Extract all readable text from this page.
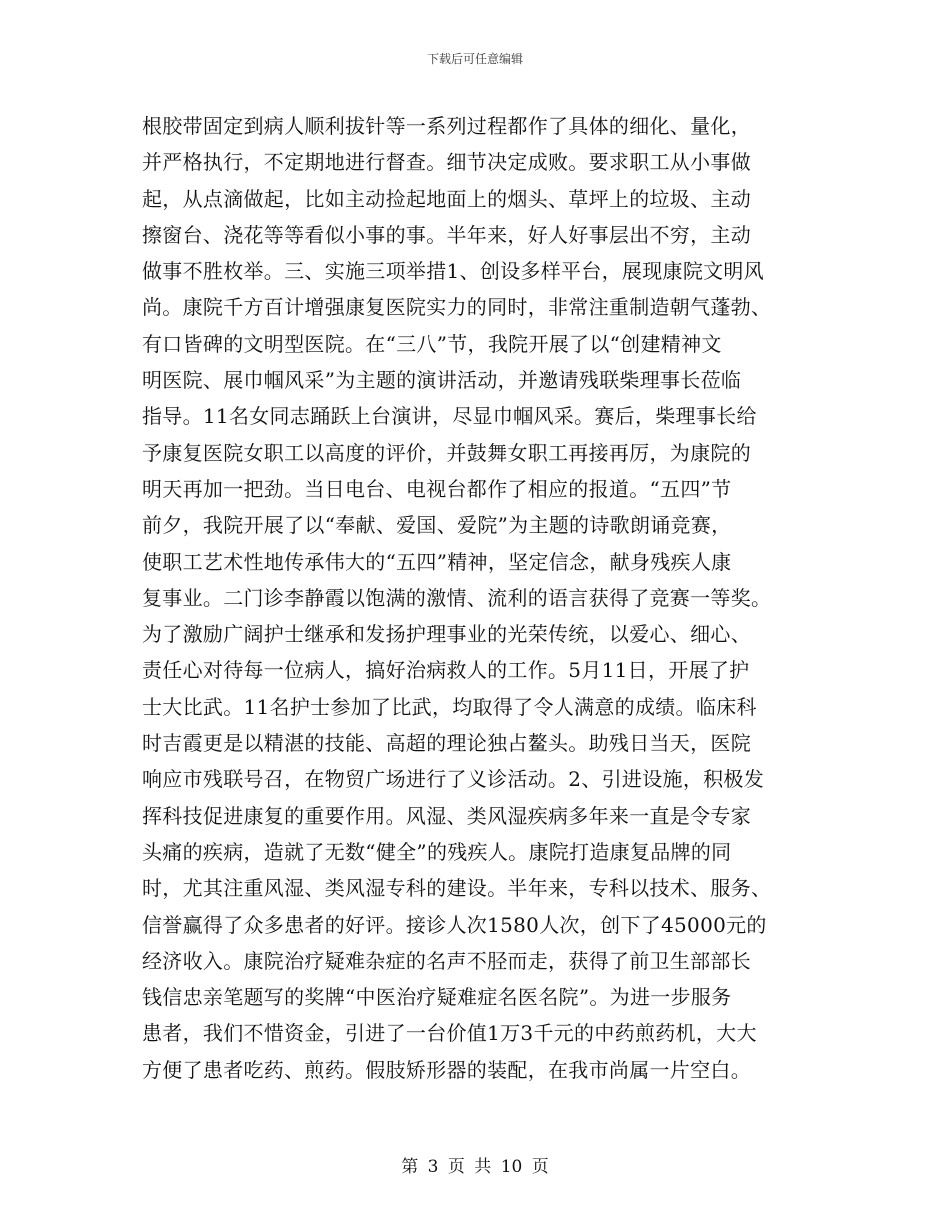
下载后可任意编辑
根胶带固定到病人顺利拔针等一系列过程都作了具体的细化、量化，
并严格执行，不定期地进行督查。细节决定成败。要求职工从小事做
起，从点滴做起，比如主动捡起地面上的烟头、草坪上的垃圾、主动
擦窗台、浇花等等看似小事的事。半年来，好人好事层出不穷，主动
做事不胜枚举。三、实施三项举措1、创设多样平台，展现康院文明风
尚。康院千方百计增强康复医院实力的同时，非常注重制造朝气蓬勃、
有口皆碑的文明型医院。在“三八”节，我院开展了以“创建精神文
明医院、展巾帼风采”为主题的演讲活动，并邀请残联柴理事长莅临
指导。11名女同志踊跃上台演讲，尽显巾帼风采。赛后，柴理事长给
予康复医院女职工以高度的评价，并鼓舞女职工再接再厉，为康院的
明天再加一把劲。当日电台、电视台都作了相应的报道。“五四”节
前夕，我院开展了以“奉献、爱国、爱院”为主题的诗歌朗诵竞赛，
使职工艺术性地传承伟大的“五四”精神，坚定信念，献身残疾人康
复事业。二门诊李静霞以饱满的激情、流利的语言获得了竞赛一等奖。
为了激励广阔护士继承和发扬护理事业的光荣传统，以爱心、细心、
责任心对待每一位病人，搞好治病救人的工作。5月11日，开展了护
士大比武。11名护士参加了比武，均取得了令人满意的成绩。临床科
时吉霞更是以精湛的技能、高超的理论独占鳌头。助残日当天，医院
响应市残联号召，在物贸广场进行了义诊活动。2、引进设施，积极发
挥科技促进康复的重要作用。风湿、类风湿疾病多年来一直是令专家
头痛的疾病，造就了无数“健全”的残疾人。康院打造康复品牌的同
时，尤其注重风湿、类风湿专科的建设。半年来，专科以技术、服务、
信誉赢得了众多患者的好评。接诊人次1580人次，创下了45000元的
经济收入。康院治疗疑难杂症的名声不胫而走，获得了前卫生部部长
钱信忠亲笔题写的奖牌“中医治疗疑难症名医名院”。为进一步服务
患者，我们不惜资金，引进了一台价值1万3千元的中药煎药机，大大
方便了患者吃药、煎药。假肢矫形器的装配，在我市尚属一片空白。
第 3 页 共 10 页
